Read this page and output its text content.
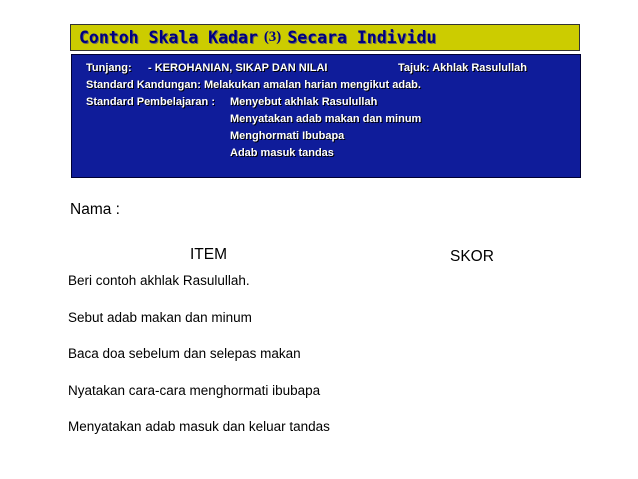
Contoh Skala Kadar (3) Secara Individu
Tunjang: - KEROHANIAN, SIKAP DAN NILAI	Tajuk: Akhlak Rasulullah
Standard Kandungan: Melakukan amalan harian mengikut adab.
Standard Pembelajaran : Menyebut akhlak Rasulullah
Menyatakan adab makan dan minum
Menghormati Ibubapa
Adab masuk tandas
Nama :
ITEM	SKOR
Beri contoh akhlak Rasulullah.
Sebut adab makan dan minum
Baca doa sebelum dan selepas makan
Nyatakan cara-cara menghormati ibubapa
Menyatakan adab masuk dan keluar tandas
